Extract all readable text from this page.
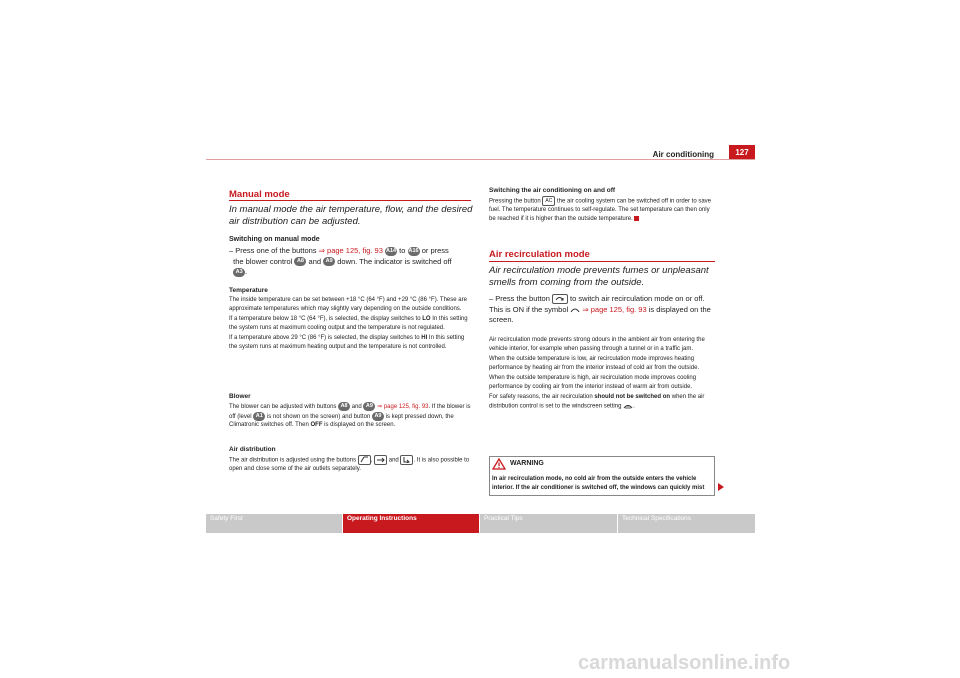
Air conditioning	127
Manual mode
In manual mode the air temperature, flow, and the desired air distribution can be adjusted.
Switching on manual mode
– Press one of the buttons ⇒ page 125, fig. 93 A14 to A16 or press
the blower control A8 and A9 down. The indicator is switched off
A3 .
Temperature
The inside temperature can be set between +18 °C (64 °F) and +29 °C (86 °F). These are approximate temperatures which may slightly vary depending on the outside conditions.
If a temperature below 18 °C (64 °F), is selected, the display switches to LO In this setting the system runs at maximum cooling output and the temperature is not regulated.
If a temperature above 29 °C (86 °F) is selected, the display switches to HI In this setting the system runs at maximum heating output and the temperature is not controlled.
Blower
The blower can be adjusted with buttons A8 and A9 ⇒ page 125, fig. 93. If the blower is off (level A1 is not shown on the screen) and button A9 is kept pressed down, the Climatronic switches off. Then OFF is displayed on the screen.
Air distribution
The air distribution is adjusted using the buttons ,  and . It is also possible to open and close some of the air outlets separately.
Switching the air conditioning on and off
Pressing the button AC the air cooling system can be switched off in order to save fuel. The temperature continues to self-regulate. The set temperature can then only be reached if it is higher than the outside temperature.
Air recirculation mode
Air recirculation mode prevents fumes or unpleasant smells from coming from the outside.
– Press the button  to switch air recirculation mode on or off. This is ON if the symbol  ⇒ page 125, fig. 93 is displayed on the screen.
Air recirculation mode prevents strong odours in the ambient air from entering the vehicle interior, for example when passing through a tunnel or in a traffic jam.
When the outside temperature is low, air recirculation mode improves heating performance by heating air from the interior instead of cold air from the outside.
When the outside temperature is high, air recirculation mode improves cooling performance by cooling air from the interior instead of warm air from outside.
For safety reasons, the air recirculation should not be switched on when the air distribution control is set to the windscreen setting .
WARNING
In air recirculation mode, no cold air from the outside enters the vehicle interior. If the air conditioner is switched off, the windows can quickly mist
Safety First	Operating Instructions	Practical Tips	Technical Specifications
carmanualsonline.info
